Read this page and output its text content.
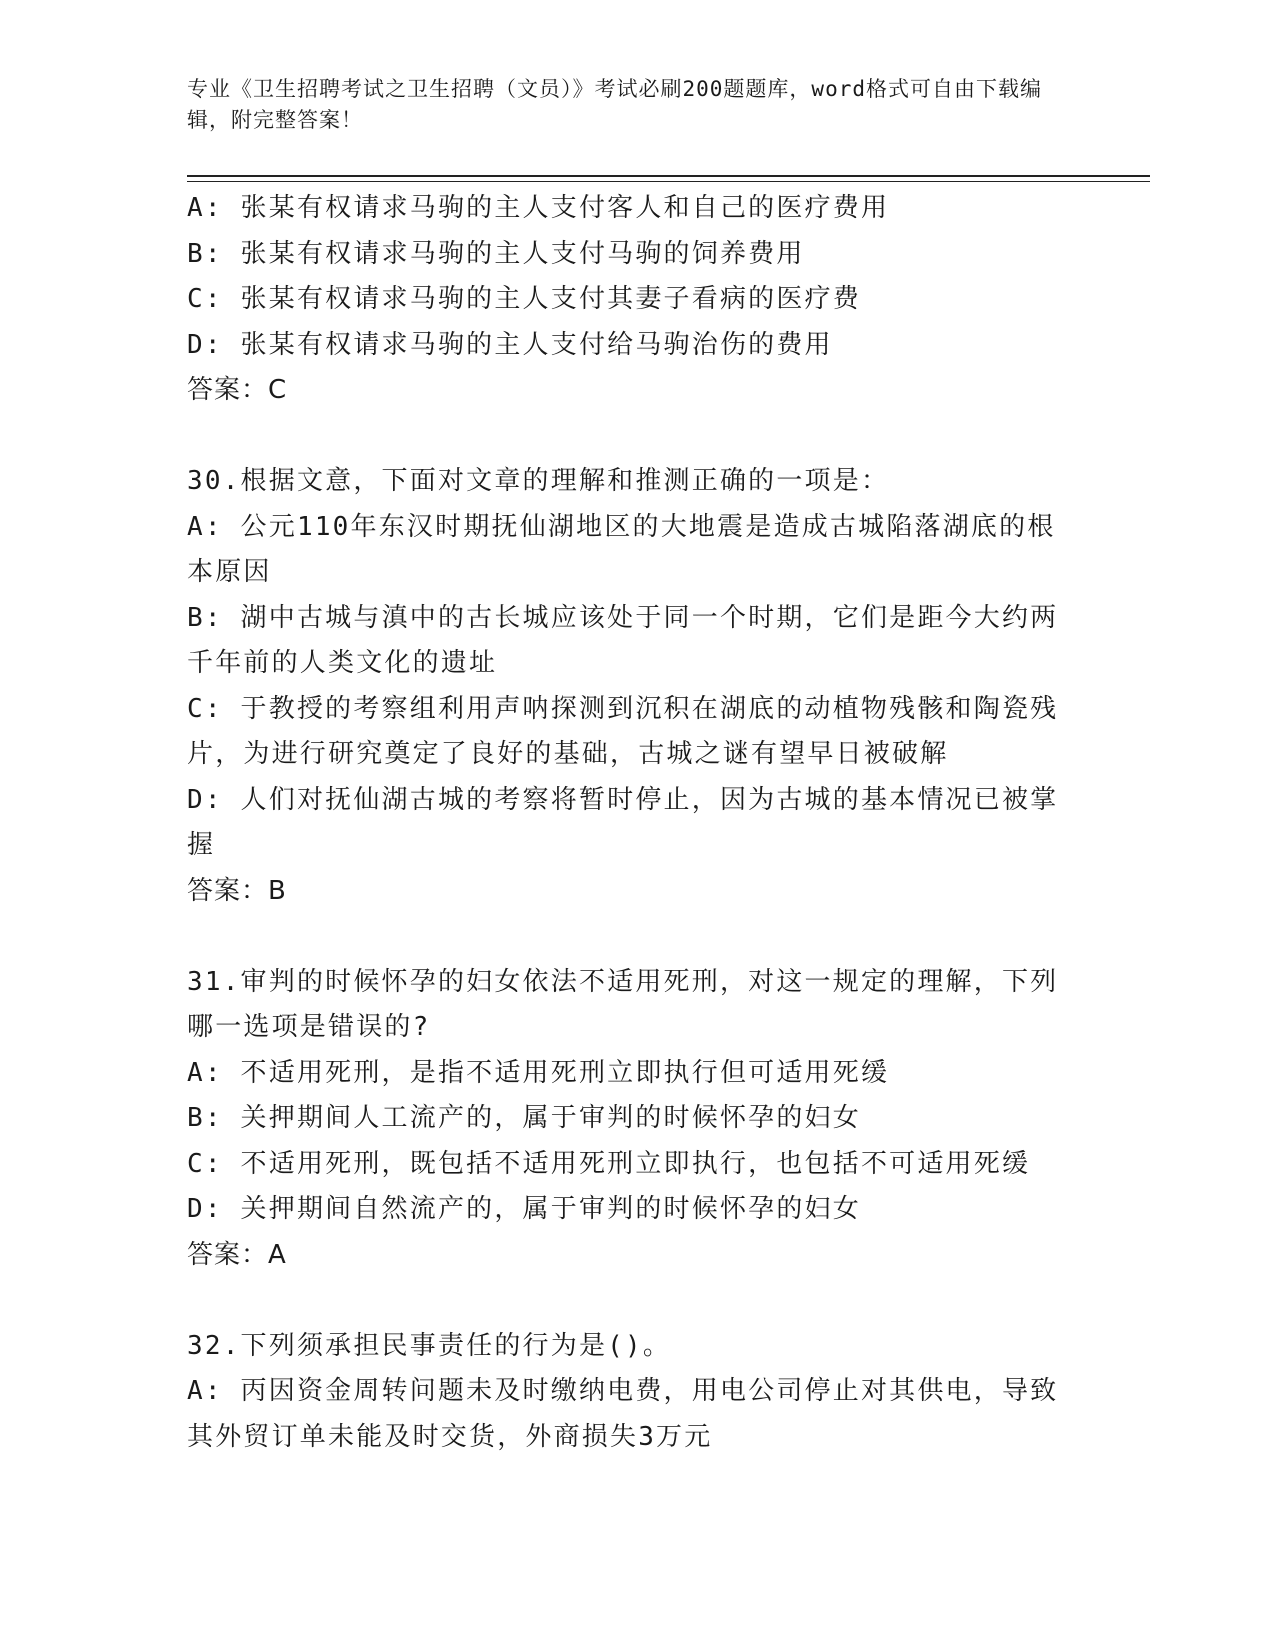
专业《卫生招聘考试之卫生招聘（文员）》考试必刷200题题库，word格式可自由下载编辑，附完整答案！
A: 张某有权请求马驹的主人支付客人和自己的医疗费用
B: 张某有权请求马驹的主人支付马驹的饲养费用
C: 张某有权请求马驹的主人支付其妻子看病的医疗费
D: 张某有权请求马驹的主人支付给马驹治伤的费用
答案：C
30.根据文意，下面对文章的理解和推测正确的一项是：
A: 公元110年东汉时期抚仙湖地区的大地震是造成古城陷落湖底的根
本原因
B: 湖中古城与滇中的古长城应该处于同一个时期，它们是距今大约两
千年前的人类文化的遗址
C: 于教授的考察组利用声呐探测到沉积在湖底的动植物残骸和陶瓷残
片，为进行研究奠定了良好的基础，古城之谜有望早日被破解
D: 人们对抚仙湖古城的考察将暂时停止，因为古城的基本情况已被掌
握
答案：B
31.审判的时候怀孕的妇女依法不适用死刑，对这一规定的理解，下列
哪一选项是错误的?
A: 不适用死刑，是指不适用死刑立即执行但可适用死缓
B: 关押期间人工流产的，属于审判的时候怀孕的妇女
C: 不适用死刑，既包括不适用死刑立即执行，也包括不可适用死缓
D: 关押期间自然流产的，属于审判的时候怀孕的妇女
答案：A
32.下列须承担民事责任的行为是()。
A: 丙因资金周转问题未及时缴纳电费，用电公司停止对其供电，导致
其外贸订单未能及时交货，外商损失3万元
